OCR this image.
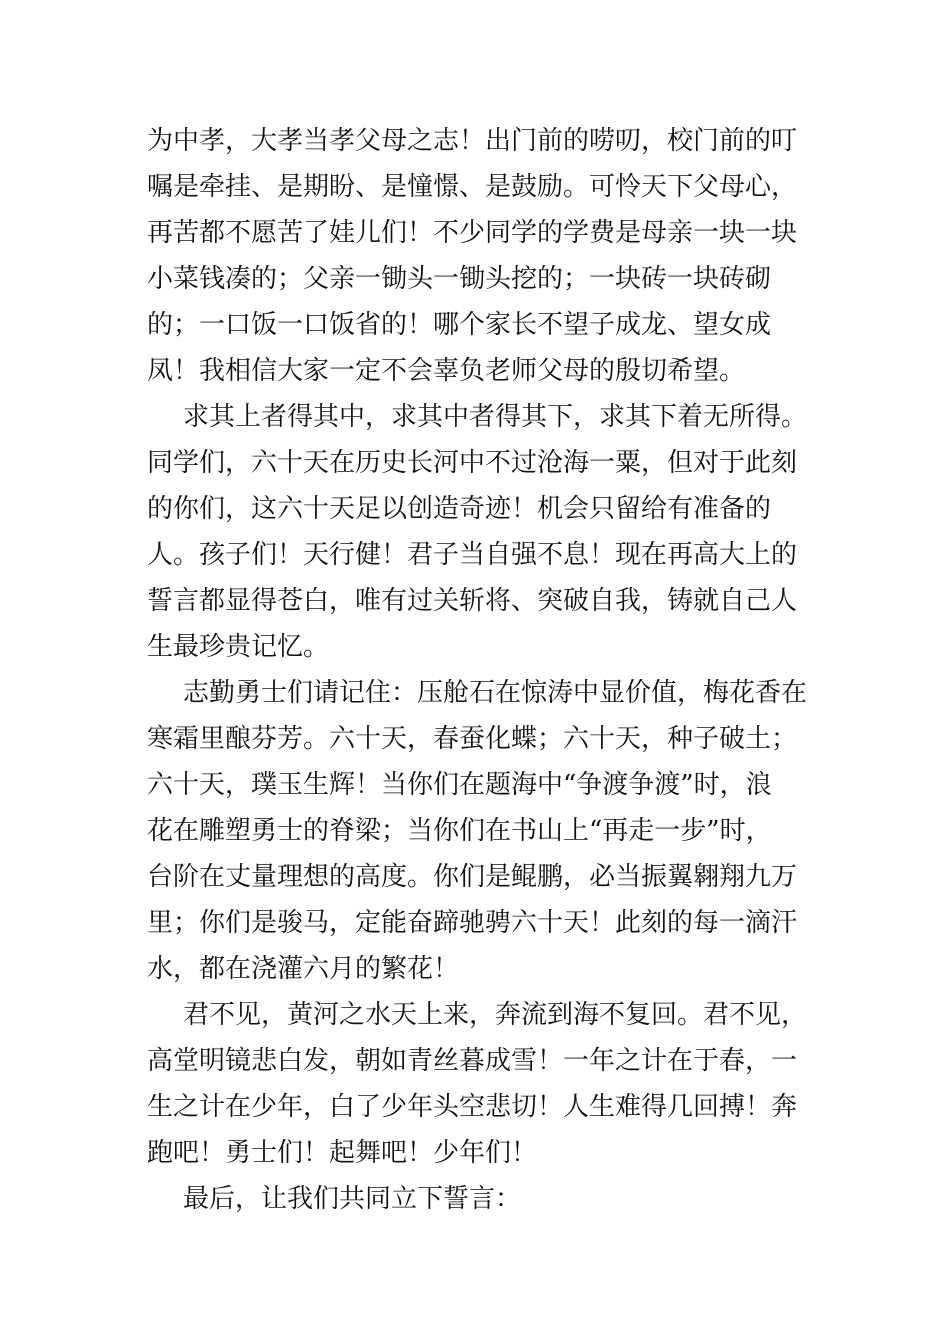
为中孝，大孝当孝父母之志！出门前的唠叨，校门前的叮

嘱是牵挂、是期盼、是憧憬、是鼓励。可怜天下父母心，

再苦都不愿苦了娃儿们！不少同学的学费是母亲一块一块

小菜钱凑的；父亲一锄头一锄头挖的；一块砖一块砖砌

的；一口饭一口饭省的！哪个家长不望子成龙、望女成

凤！我相信大家一定不会辜负老师父母的殷切希望。

求其上者得其中，求其中者得其下，求其下着无所得。

同学们，六十天在历史长河中不过沧海一粟，但对于此刻

的你们，这六十天足以创造奇迹！机会只留给有准备的

人。孩子们！天行健！君子当自强不息！现在再高大上的

誓言都显得苍白，唯有过关斩将、突破自我，铸就自己人

生最珍贵记忆。

志勤勇士们请记住：压舱石在惊涛中显价值，梅花香在

寒霜里酿芬芳。六十天，春蚕化蝶；六十天，种子破土；

六十天，璞玉生辉！当你们在题海中“争渡争渡”时，浪

花在雕塑勇士的脊梁；当你们在书山上“再走一步”时，

台阶在丈量理想的高度。你们是鲲鹏，必当振翼翱翔九万

里；你们是骏马，定能奋蹄驰骋六十天！此刻的每一滴汗

水，都在浇灌六月的繁花！

君不见，黄河之水天上来，奔流到海不复回。君不见，

高堂明镜悲白发，朝如青丝暮成雪！一年之计在于春，一

生之计在少年，白了少年头空悲切！人生难得几回搏！奔

跑吧！勇士们！起舞吧！少年们！

最后，让我们共同立下誓言：
